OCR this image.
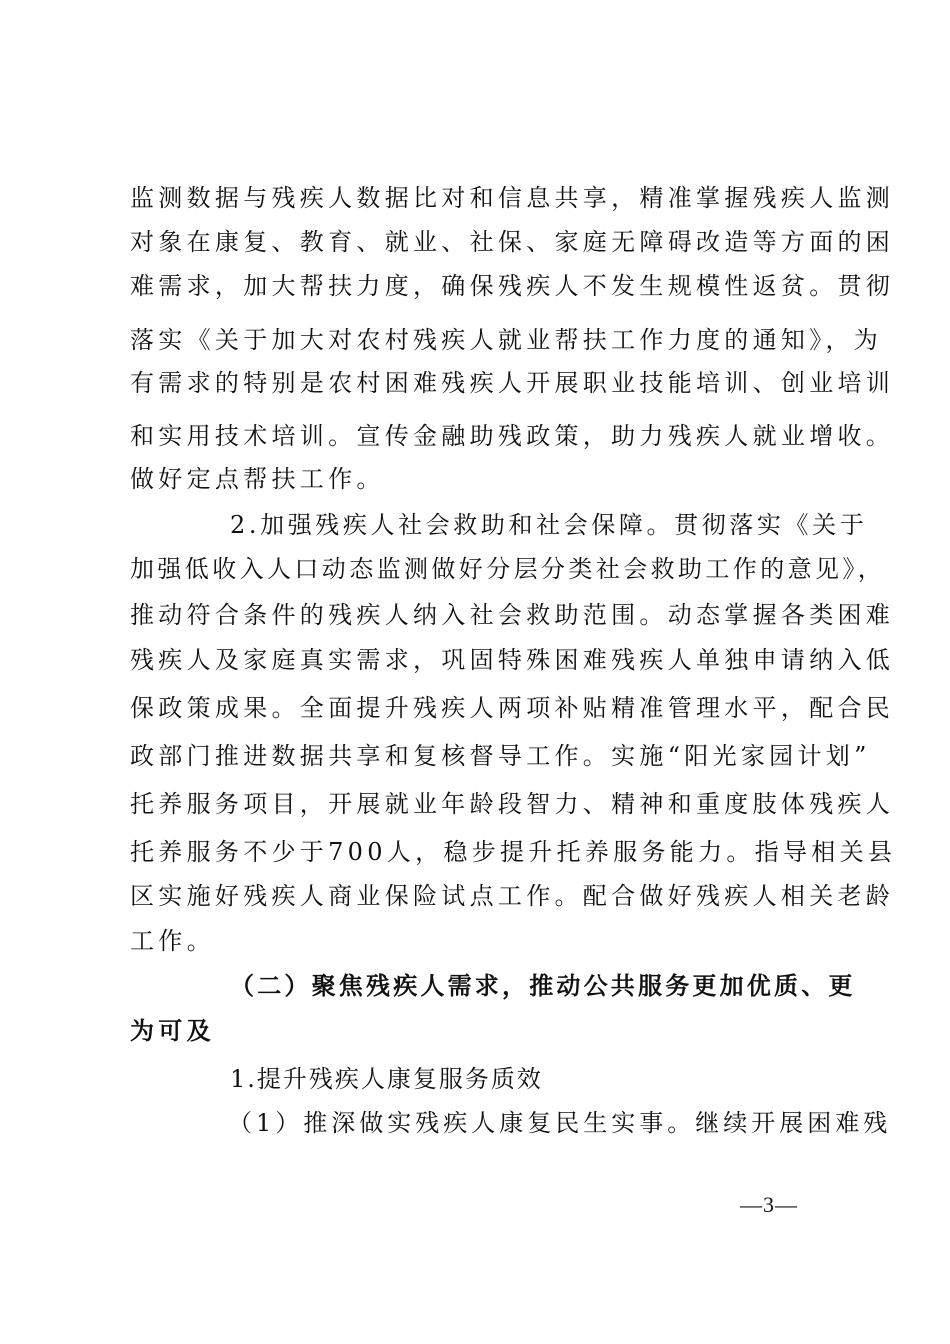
监测数据与残疾人数据比对和信息共享，精准掌握残疾人监测
对象在康复、教育、就业、社保、家庭无障碍改造等方面的困
难需求，加大帮扶力度，确保残疾人不发生规模性返贫。贯彻
落实《关于加大对农村残疾人就业帮扶工作力度的通知》，为
有需求的特别是农村困难残疾人开展职业技能培训、创业培训
和实用技术培训。宣传金融助残政策，助力残疾人就业增收。
做好定点帮扶工作。
2.加强残疾人社会救助和社会保障。贯彻落实《关于
加强低收入人口动态监测做好分层分类社会救助工作的意见》，
推动符合条件的残疾人纳入社会救助范围。动态掌握各类困难
残疾人及家庭真实需求，巩固特殊困难残疾人单独申请纳入低
保政策成果。全面提升残疾人两项补贴精准管理水平，配合民
政部门推进数据共享和复核督导工作。实施“阳光家园计划”
托养服务项目，开展就业年龄段智力、精神和重度肢体残疾人
托养服务不少于700人，稳步提升托养服务能力。指导相关县
区实施好残疾人商业保险试点工作。配合做好残疾人相关老龄
工作。
（二）聚焦残疾人需求，推动公共服务更加优质、更
为可及
1.提升残疾人康复服务质效
（1）推深做实残疾人康复民生实事。继续开展困难残
—3—
